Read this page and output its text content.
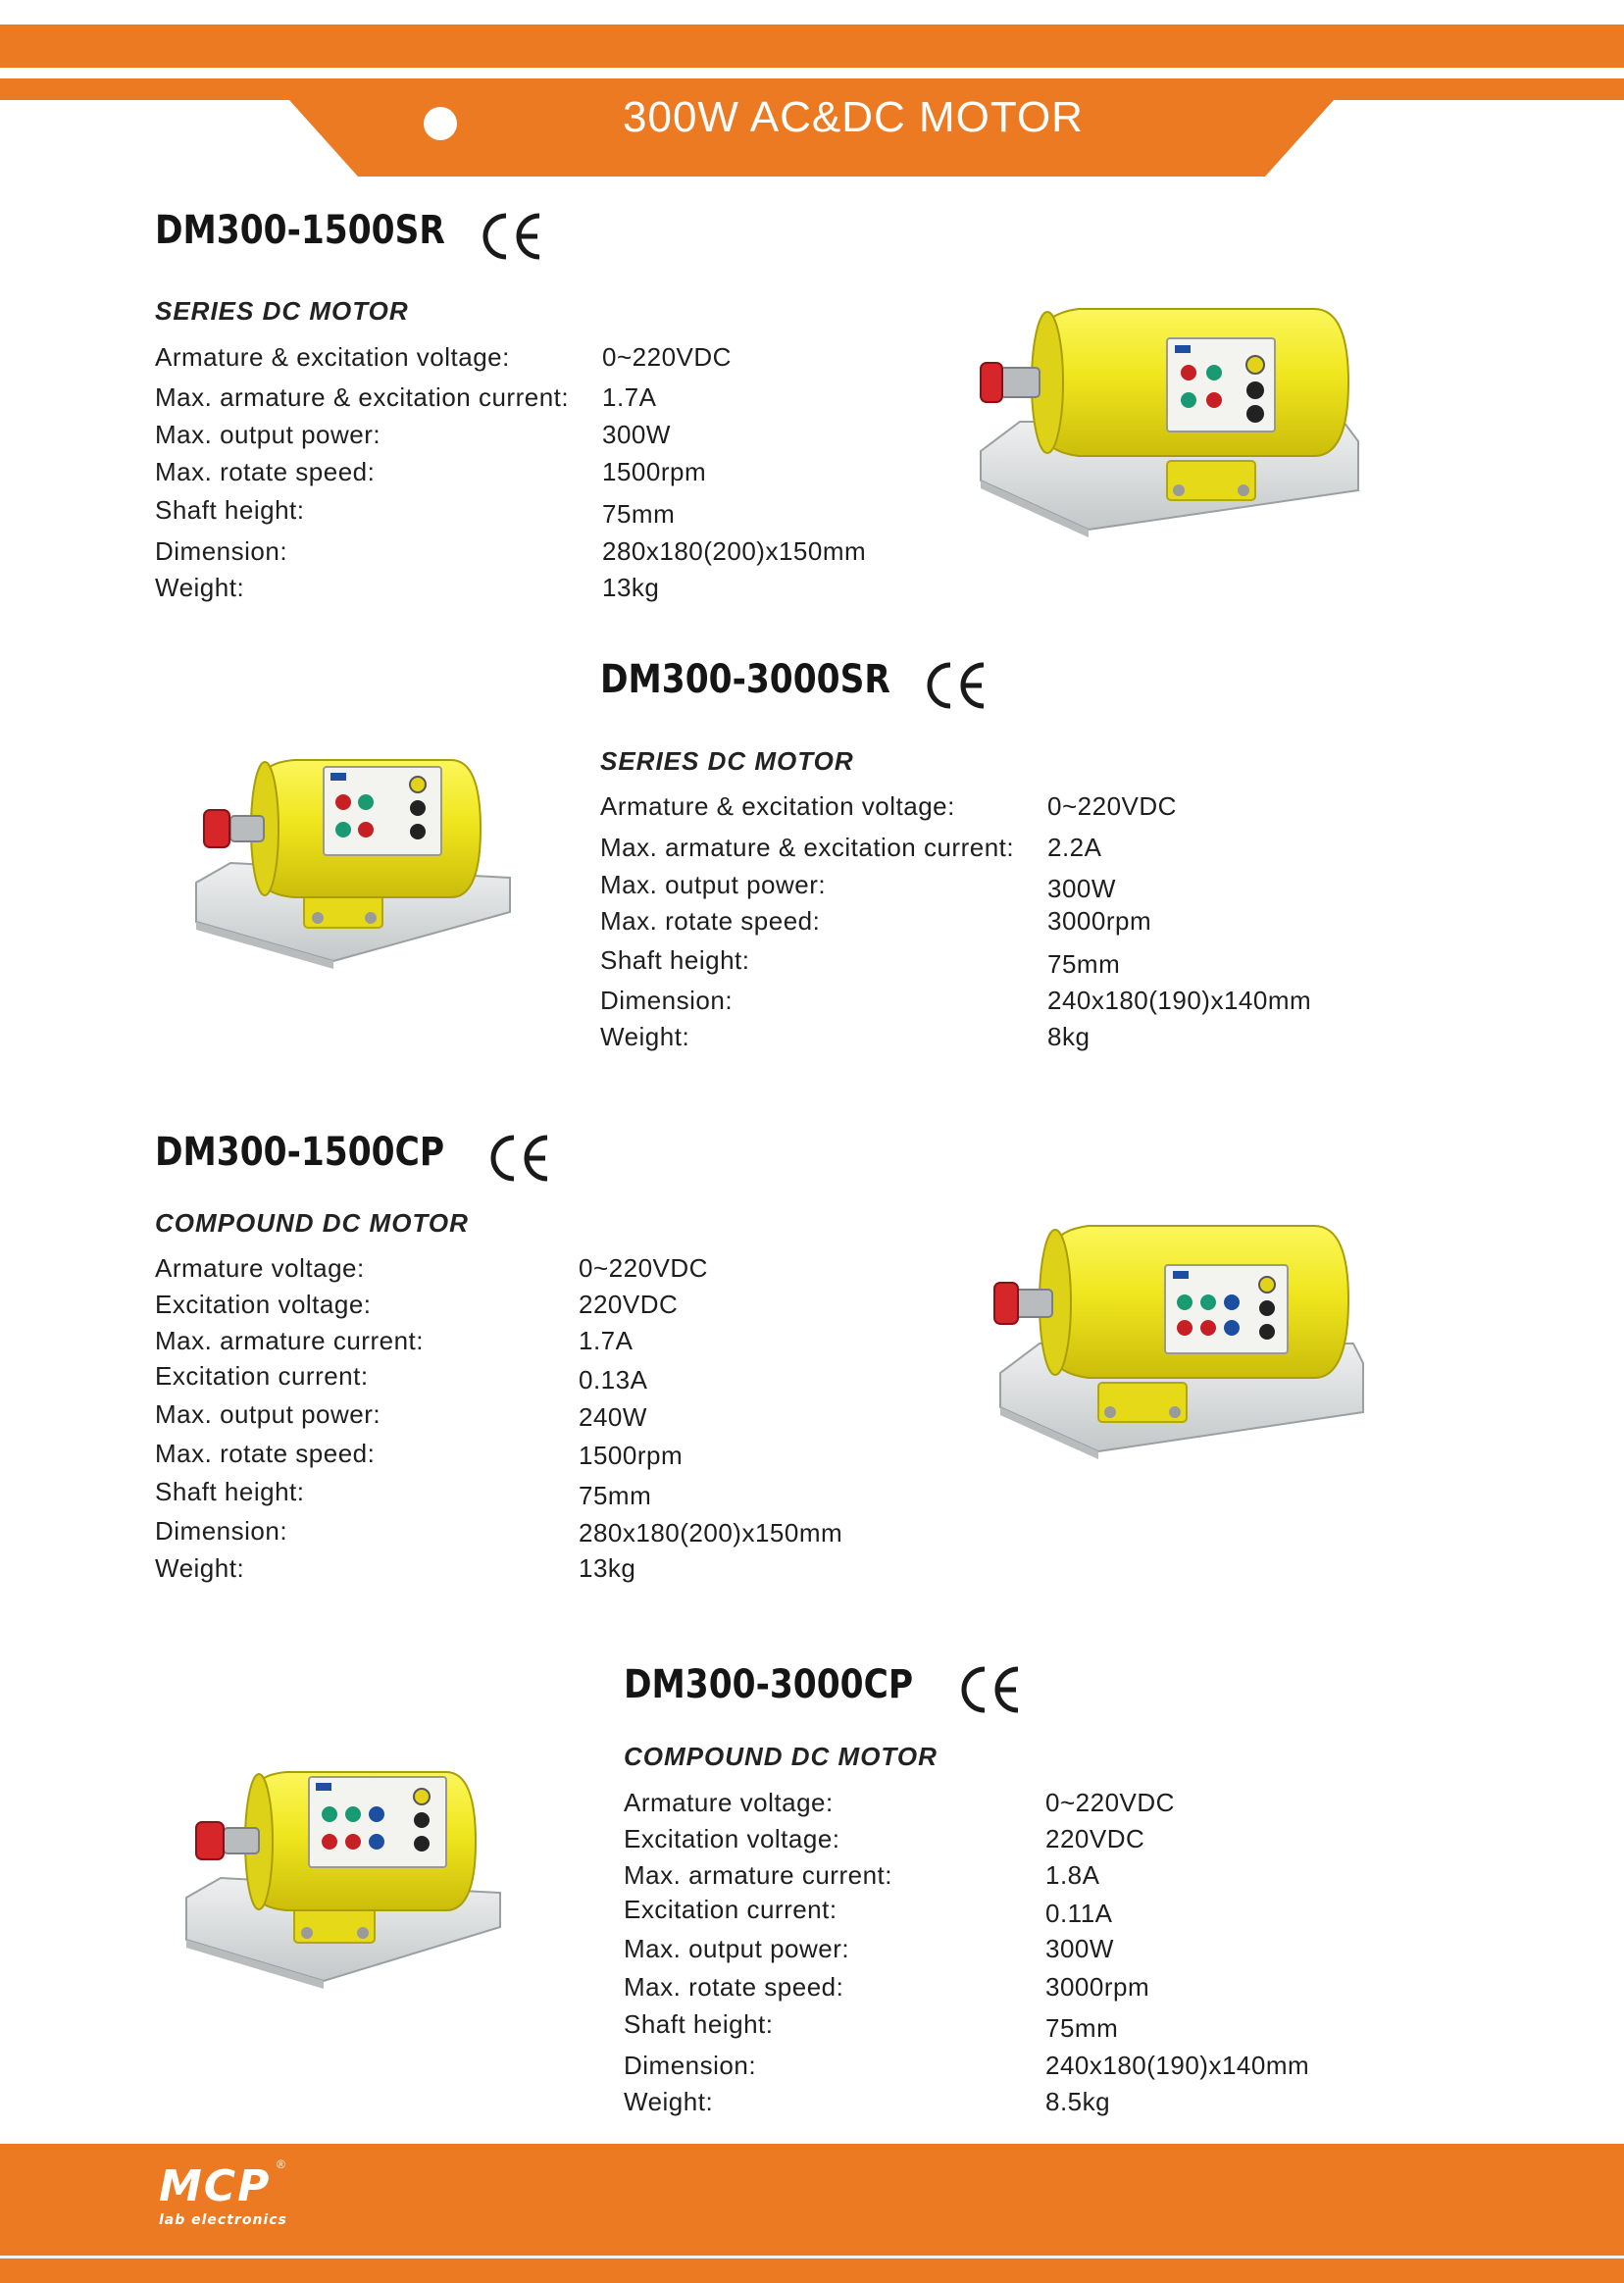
300W AC&DC MOTOR
DM300-1500SR
SERIES DC MOTOR
Armature & excitation voltage:	0~220VDC
Max. armature & excitation current: 1.7A
Max. output power:	300W
Max. rotate speed:	1500rpm
Shaft height:	75mm
Dimension:	280x180(200)x150mm
Weight:	13kg
DM300-3000SR
SERIES DC MOTOR
Armature & excitation voltage:	0~220VDC
Max. armature & excitation current: 2.2A
Max. output power:	300W
Max. rotate speed:	3000rpm
Shaft height:	75mm
Dimension:	240x180(190)x140mm
Weight:	8kg
DM300-1500CP
COMPOUND DC MOTOR
Armature voltage:	0~220VDC
Excitation voltage:	220VDC
Max. armature current:	1.7A
Excitation current:	0.13A
Max. output power:	240W
Max. rotate speed:	1500rpm
Shaft height:	75mm
Dimension:	280x180(200)x150mm
Weight:	13kg
DM300-3000CP
COMPOUND DC MOTOR
Armature voltage:	0~220VDC
Excitation voltage:	220VDC
Max. armature current:	1.8A
Excitation current:	0.11A
Max. output power:	300W
Max. rotate speed:	3000rpm
Shaft height:	75mm
Dimension:	240x180(190)x140mm
Weight:	8.5kg
MCP ®
lab electronics
